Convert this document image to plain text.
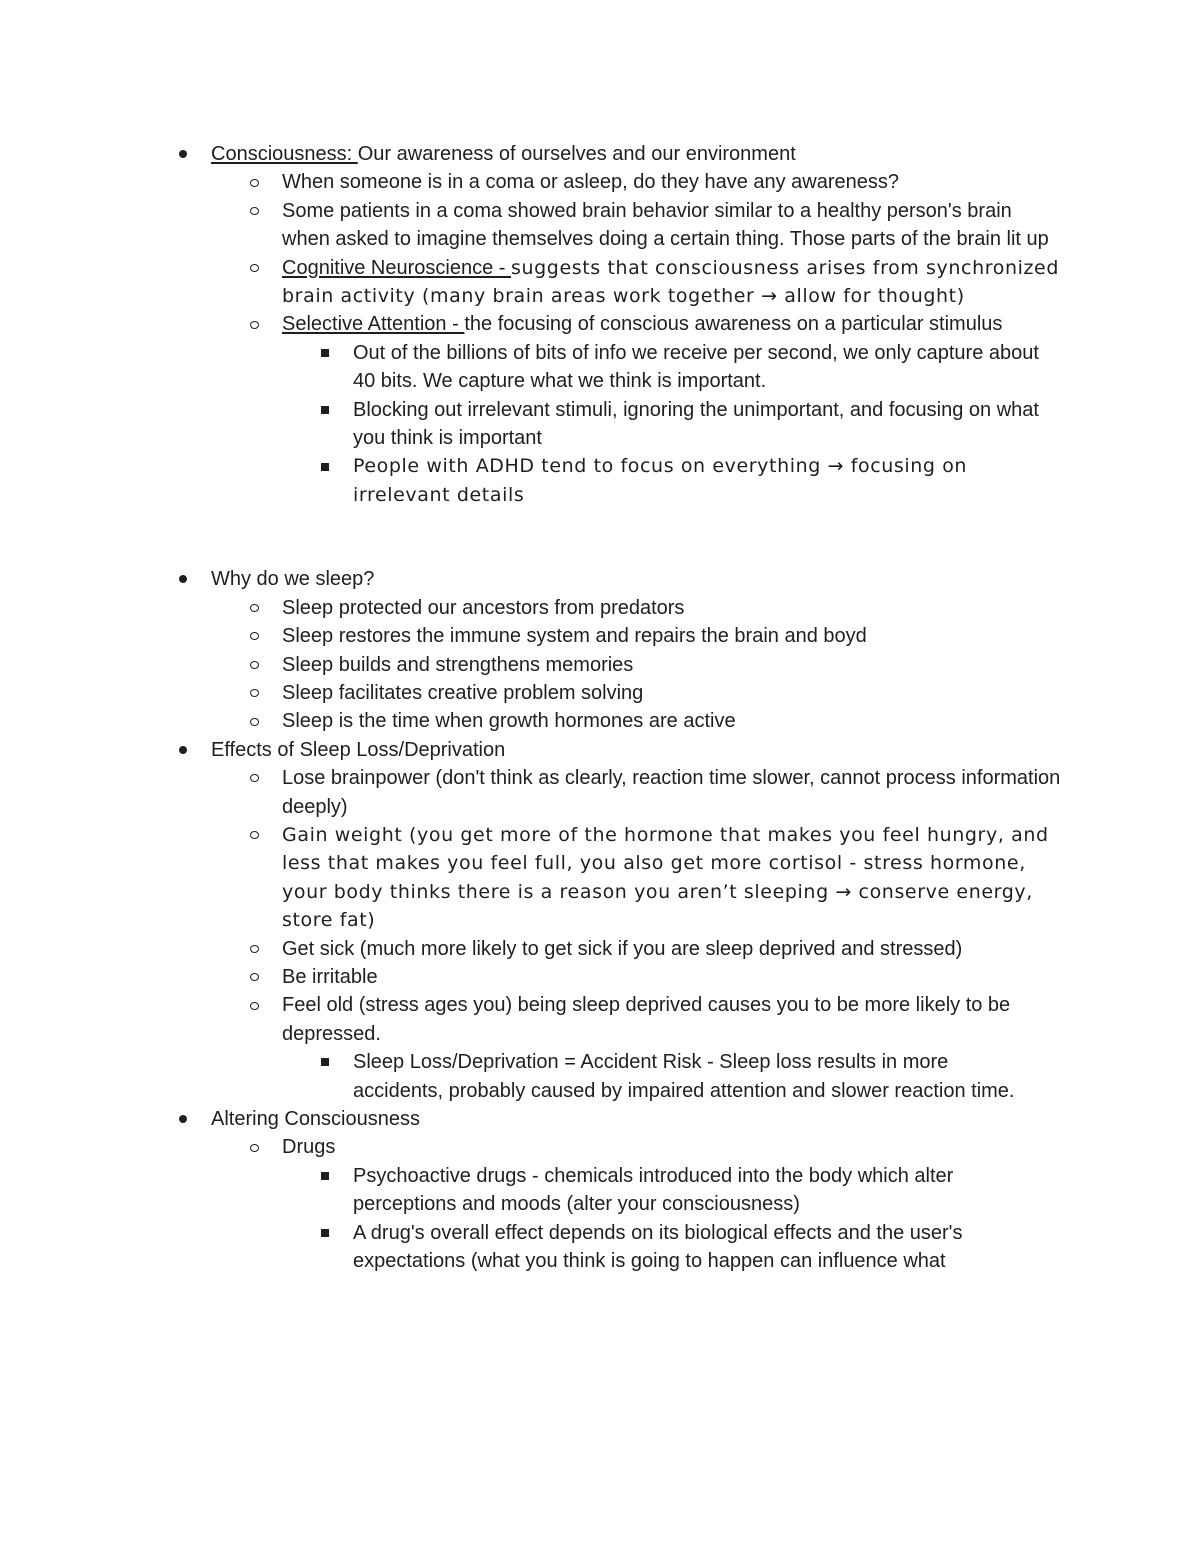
Consciousness: Our awareness of ourselves and our environment
When someone is in a coma or asleep, do they have any awareness?
Some patients in a coma showed brain behavior similar to a healthy person's brain when asked to imagine themselves doing a certain thing. Those parts of the brain lit up
Cognitive Neuroscience - suggests that consciousness arises from synchronized brain activity (many brain areas work together → allow for thought)
Selective Attention - the focusing of conscious awareness on a particular stimulus
Out of the billions of bits of info we receive per second, we only capture about 40 bits. We capture what we think is important.
Blocking out irrelevant stimuli, ignoring the unimportant, and focusing on what you think is important
People with ADHD tend to focus on everything → focusing on irrelevant details
Why do we sleep?
Sleep protected our ancestors from predators
Sleep restores the immune system and repairs the brain and boyd
Sleep builds and strengthens memories
Sleep facilitates creative problem solving
Sleep is the time when growth hormones are active
Effects of Sleep Loss/Deprivation
Lose brainpower (don't think as clearly, reaction time slower, cannot process information deeply)
Gain weight (you get more of the hormone that makes you feel hungry, and less that makes you feel full, you also get more cortisol - stress hormone, your body thinks there is a reason you aren’t sleeping → conserve energy, store fat)
Get sick (much more likely to get sick if you are sleep deprived and stressed)
Be irritable
Feel old (stress ages you) being sleep deprived causes you to be more likely to be depressed.
Sleep Loss/Deprivation = Accident Risk - Sleep loss results in more accidents, probably caused by impaired attention and slower reaction time.
Altering Consciousness
Drugs
Psychoactive drugs - chemicals introduced into the body which alter perceptions and moods (alter your consciousness)
A drug's overall effect depends on its biological effects and the user's expectations (what you think is going to happen can influence what
